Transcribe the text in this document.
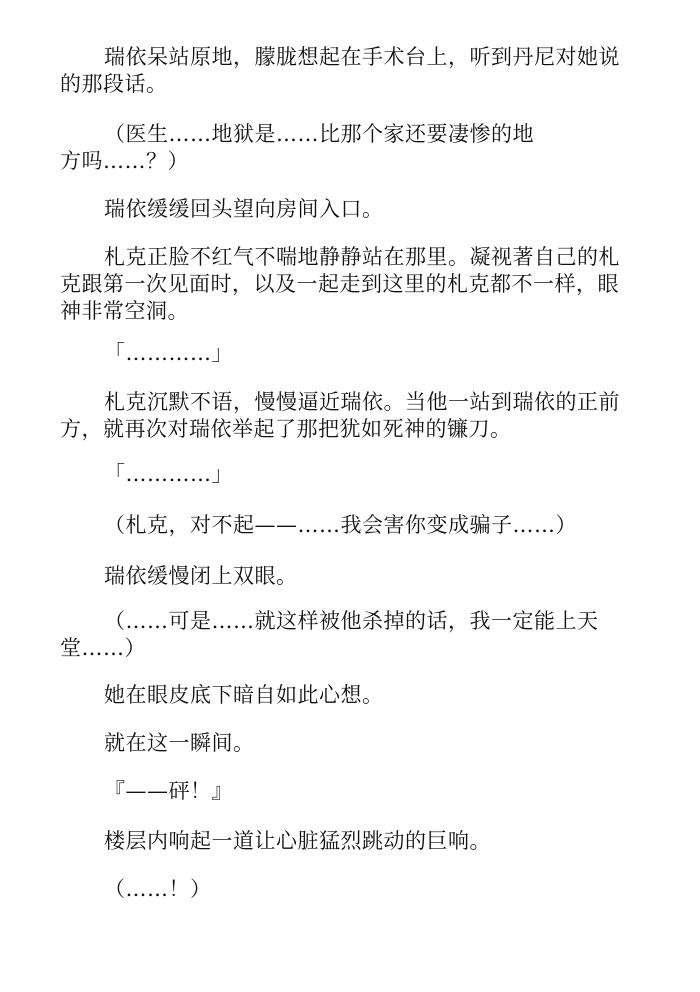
瑞依呆站原地，朦胧想起在手术台上，听到丹尼对她说的那段话。

（医生……地狱是……比那个家还要凄惨的地方吗……？）

瑞依缓缓回头望向房间入口。

札克正脸不红气不喘地静静站在那里。凝视著自己的札克跟第一次见面时，以及一起走到这里的札克都不一样，眼神非常空洞。

「…………」

札克沉默不语，慢慢逼近瑞依。当他一站到瑞依的正前方，就再次对瑞依举起了那把犹如死神的镰刀。

「…………」

（札克，对不起——……我会害你变成骗子……）

瑞依缓慢闭上双眼。

（……可是……就这样被他杀掉的话，我一定能上天堂……）

她在眼皮底下暗自如此心想。

就在这一瞬间。

『——砰！』

楼层内响起一道让心脏猛烈跳动的巨响。

（……！）
